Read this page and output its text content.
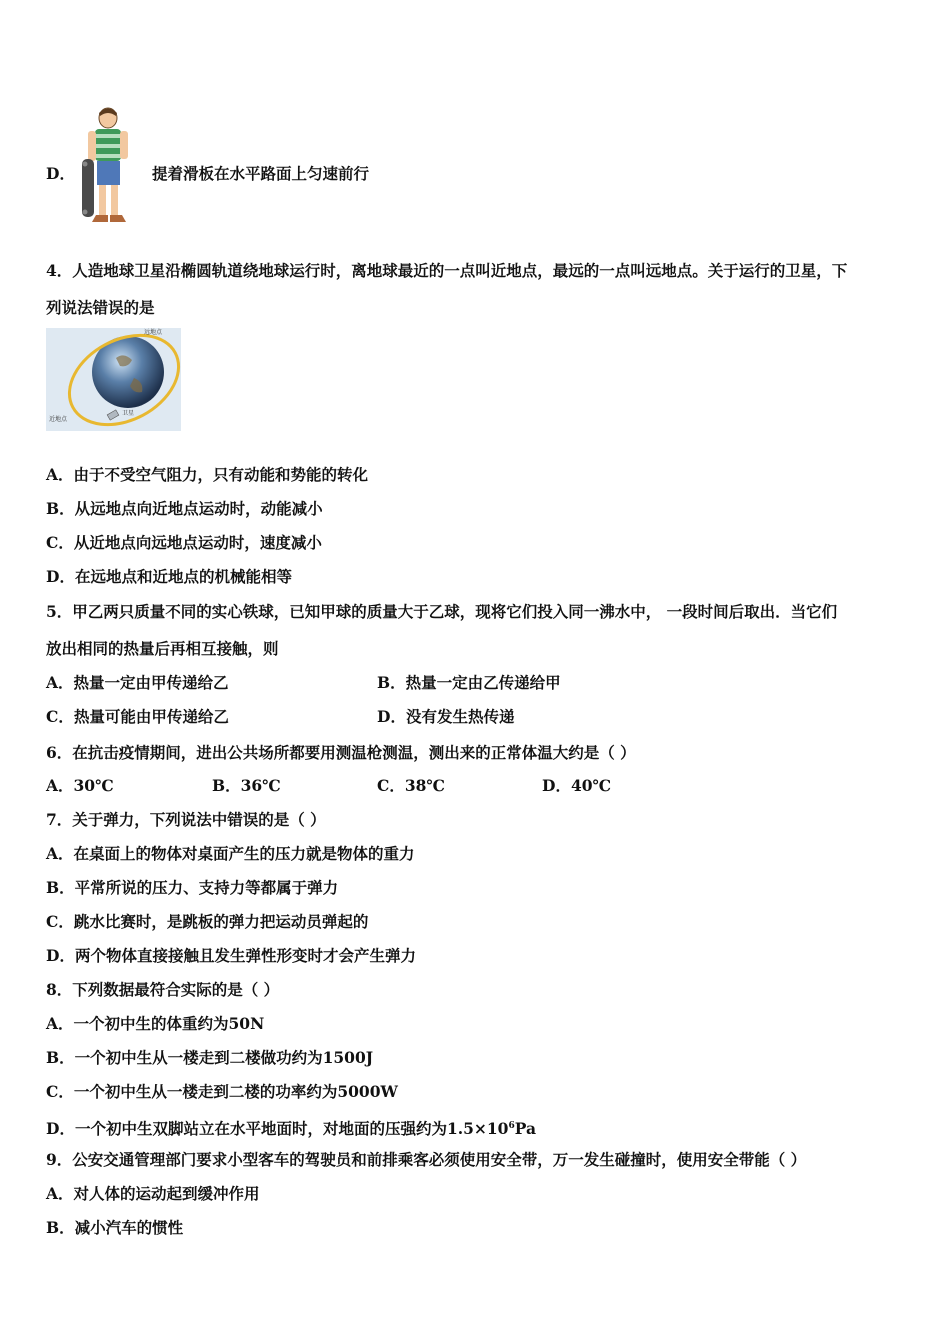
D．	提着滑板在水平路面上匀速前行
4．人造地球卫星沿椭圆轨道绕地球运行时，离地球最近的一点叫近地点，最远的一点叫远地点。关于运行的卫星，下
列说法错误的是
远地点
近地点
卫星
A．由于不受空气阻力，只有动能和势能的转化
B．从远地点向近地点运动时，动能减小
C．从近地点向远地点运动时，速度减小
D．在远地点和近地点的机械能相等
5．甲乙两只质量不同的实心铁球，已知甲球的质量大于乙球，现将它们投入同一沸水中， 一段时间后取出．当它们
放出相同的热量后再相互接触，则
A．热量一定由甲传递给乙	B．热量一定由乙传递给甲
C．热量可能由甲传递给乙	D．没有发生热传递
6．在抗击疫情期间，进出公共场所都要用测温枪测温，测出来的正常体温大约是（ ）
A．30℃	B．36℃	C．38℃	D．40℃
7．关于弹力，下列说法中错误的是（ ）
A．在桌面上的物体对桌面产生的压力就是物体的重力
B．平常所说的压力、支持力等都属于弹力
C．跳水比赛时，是跳板的弹力把运动员弹起的
D．两个物体直接接触且发生弹性形变时才会产生弹力
8．下列数据最符合实际的是（ ）
A．一个初中生的体重约为50N
B．一个初中生从一楼走到二楼做功约为1500J
C．一个初中生从一楼走到二楼的功率约为5000W
D．一个初中生双脚站立在水平地面时，对地面的压强约为$1.5\times 10^6Pa$
9．公安交通管理部门要求小型客车的驾驶员和前排乘客必须使用安全带，万一发生碰撞时，使用安全带能（ ）
A．对人体的运动起到缓冲作用
B．减小汽车的惯性
